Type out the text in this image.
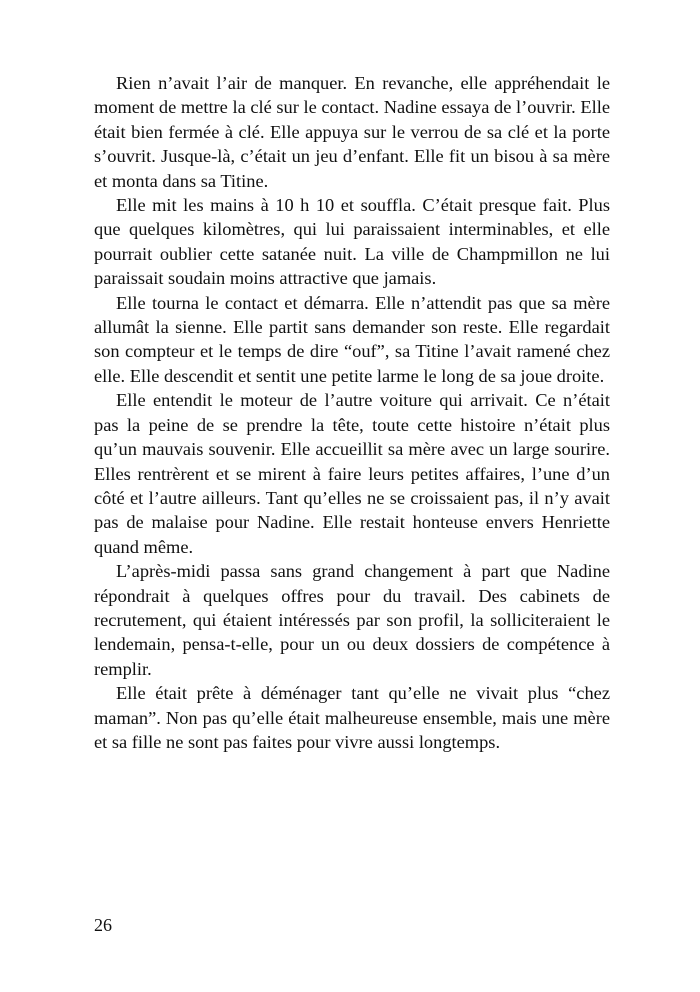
Rien n’avait l’air de manquer. En revanche, elle appréhendait le moment de mettre la clé sur le contact. Nadine essaya de l’ouvrir. Elle était bien fermée à clé. Elle appuya sur le verrou de sa clé et la porte s’ouvrit. Jusque-là, c’était un jeu d’enfant. Elle fit un bisou à sa mère et monta dans sa Titine.

Elle mit les mains à 10 h 10 et souffla. C’était presque fait. Plus que quelques kilomètres, qui lui paraissaient interminables, et elle pourrait oublier cette satanée nuit. La ville de Champmillon ne lui paraissait soudain moins attractive que jamais.

Elle tourna le contact et démarra. Elle n’attendit pas que sa mère allumât la sienne. Elle partit sans demander son reste. Elle regardait son compteur et le temps de dire “ouf”, sa Titine l’avait ramené chez elle. Elle descendit et sentit une petite larme le long de sa joue droite.

Elle entendit le moteur de l’autre voiture qui arrivait. Ce n’était pas la peine de se prendre la tête, toute cette histoire n’était plus qu’un mauvais souvenir. Elle accueillit sa mère avec un large sourire. Elles rentrèrent et se mirent à faire leurs petites affaires, l’une d’un côté et l’autre ailleurs. Tant qu’elles ne se croissaient pas, il n’y avait pas de malaise pour Nadine. Elle restait honteuse envers Henriette quand même.

L’après-midi passa sans grand changement à part que Nadine répondrait à quelques offres pour du travail. Des cabinets de recrutement, qui étaient intéressés par son profil, la solliciteraient le lendemain, pensa-t-elle, pour un ou deux dossiers de compétence à remplir.

Elle était prête à déménager tant qu’elle ne vivait plus “chez maman”. Non pas qu’elle était malheureuse ensemble, mais une mère et sa fille ne sont pas faites pour vivre aussi longtemps.

26
